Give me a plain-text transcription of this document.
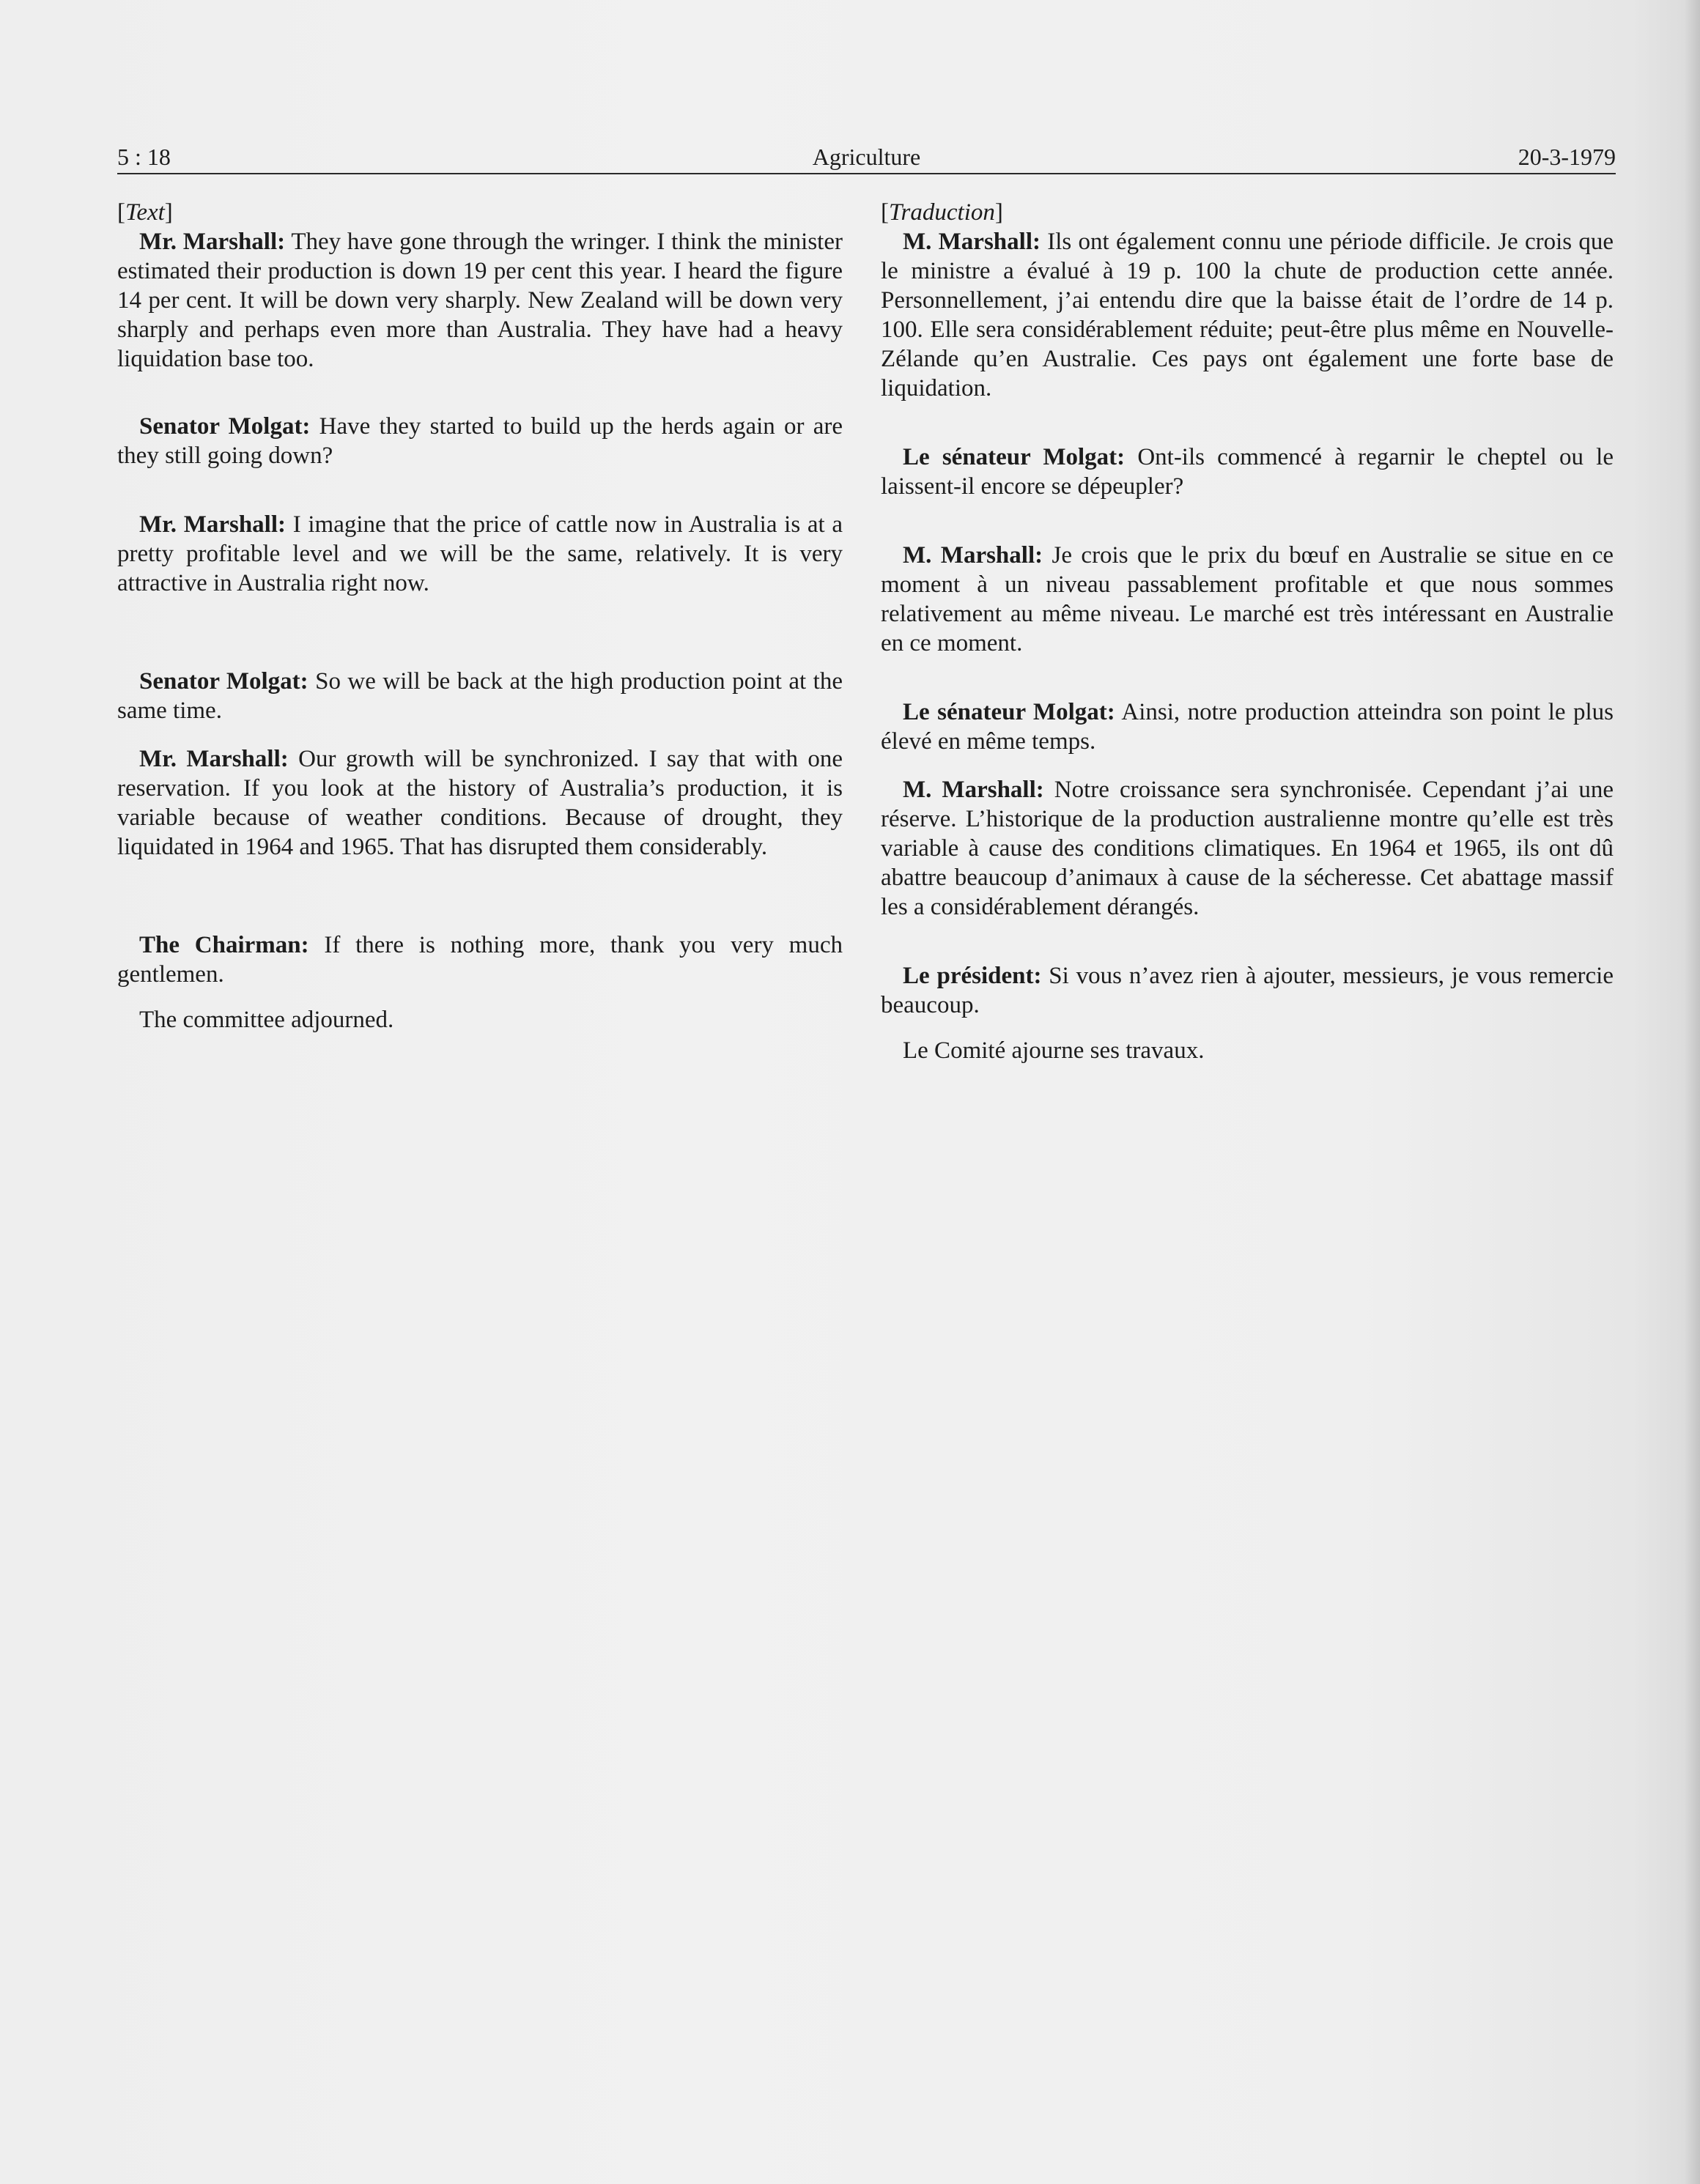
5 : 18	Agriculture	20-3-1979

[Text]

Mr. Marshall: They have gone through the wringer. I think the minister estimated their production is down 19 per cent this year. I heard the figure 14 per cent. It will be down very sharply. New Zealand will be down very sharply and perhaps even more than Australia. They have had a heavy liquidation base too.

Senator Molgat: Have they started to build up the herds again or are they still going down?

Mr. Marshall: I imagine that the price of cattle now in Australia is at a pretty profitable level and we will be the same, relatively. It is very attractive in Australia right now.

Senator Molgat: So we will be back at the high production point at the same time.

Mr. Marshall: Our growth will be synchronized. I say that with one reservation. If you look at the history of Australia’s production, it is variable because of weather conditions. Because of drought, they liquidated in 1964 and 1965. That has disrupted them considerably.

The Chairman: If there is nothing more, thank you very much gentlemen.

The committee adjourned.

[Traduction]

M. Marshall: Ils ont également connu une période difficile. Je crois que le ministre a évalué à 19 p. 100 la chute de production cette année. Personnellement, j’ai entendu dire que la baisse était de l’ordre de 14 p. 100. Elle sera considérablement réduite; peut-être plus même en Nouvelle-Zélande qu’en Australie. Ces pays ont également une forte base de liquidation.

Le sénateur Molgat: Ont-ils commencé à regarnir le cheptel ou le laissent-il encore se dépeupler?

M. Marshall: Je crois que le prix du bœuf en Australie se situe en ce moment à un niveau passablement profitable et que nous sommes relativement au même niveau. Le marché est très intéressant en Australie en ce moment.

Le sénateur Molgat: Ainsi, notre production atteindra son point le plus élevé en même temps.

M. Marshall: Notre croissance sera synchronisée. Cependant j’ai une réserve. L’historique de la production australienne montre qu’elle est très variable à cause des conditions climatiques. En 1964 et 1965, ils ont dû abattre beaucoup d’animaux à cause de la sécheresse. Cet abattage massif les a considérablement dérangés.

Le président: Si vous n’avez rien à ajouter, messieurs, je vous remercie beaucoup.

Le Comité ajourne ses travaux.
